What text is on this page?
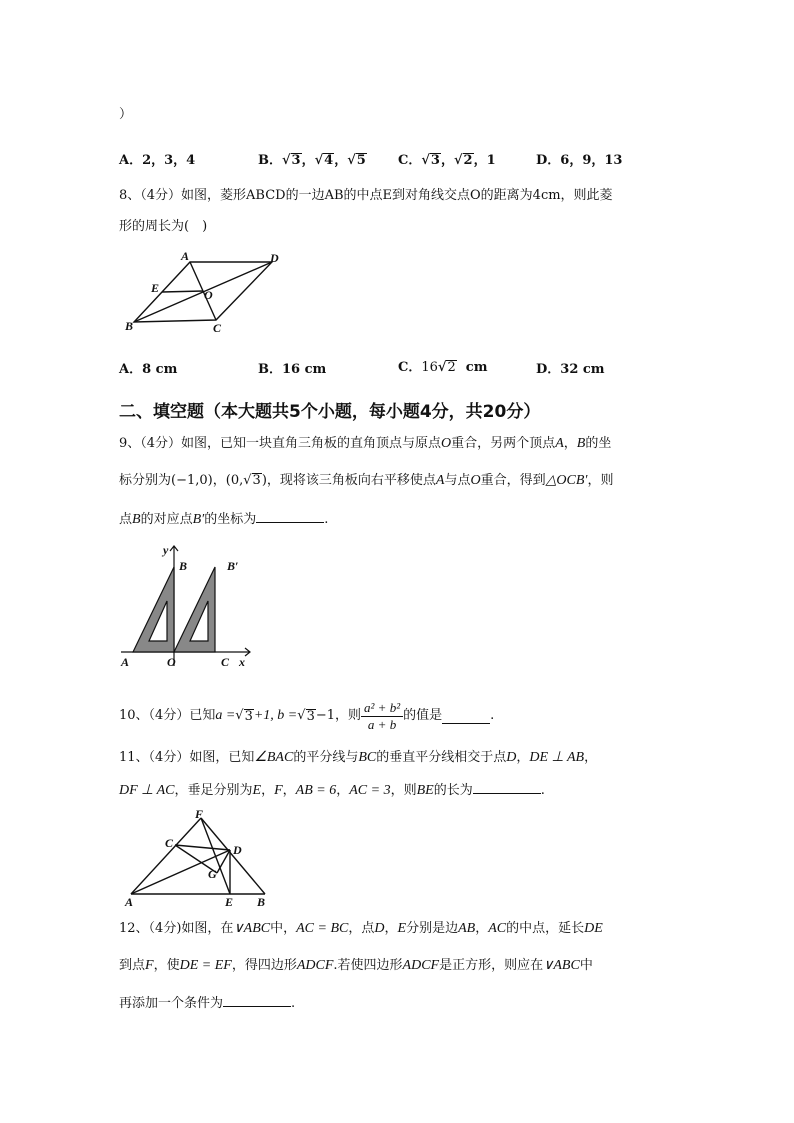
）
A．2，3，4	B．√3，√4，√5 C．√3，√2，1	D．6，9，13
8、（4分）如图，菱形ABCD的一边AB的中点E到对角线交点O的距离为4cm，则此菱
形的周长为(　)
A	D
E	O
B	C
A．8 cm	B．16 cm	C．16√2 cm	D．32 cm
二、填空题（本大题共5个小题，每小题4分，共20分）
9、（4分）如图，已知一块直角三角板的直角顶点与原点O重合，另两个顶点A，B的坐
标分别为(−1,0)，(0,√3)，现将该三角板向右平移使点A与点O重合，得到△OCB′，则
点B的对应点B′的坐标为	.
y
B	B′
A	O	C x
10、（4分）已知 a = √ 3 +1, b = √ 3 −1 ，则 $\frac{\text{a² + b²}}{a + b}$ 的值是	.
11、（4分）如图，已知∠BAC的平分线与BC的垂直平分线相交于点D，DE ⊥ AB，
DF ⊥ AC，垂足分别为E，F，AB = 6，AC = 3，则BE的长为	.
F
C	D
G
A	E B
12、（4分)如图，在∨ABC中，AC = BC，点D，E分别是边AB，AC的中点，延长DE
到点F，使DE = EF，得四边形ADCF.若使四边形ADCF是正方形，则应在∨ABC中
再添加一个条件为	.
